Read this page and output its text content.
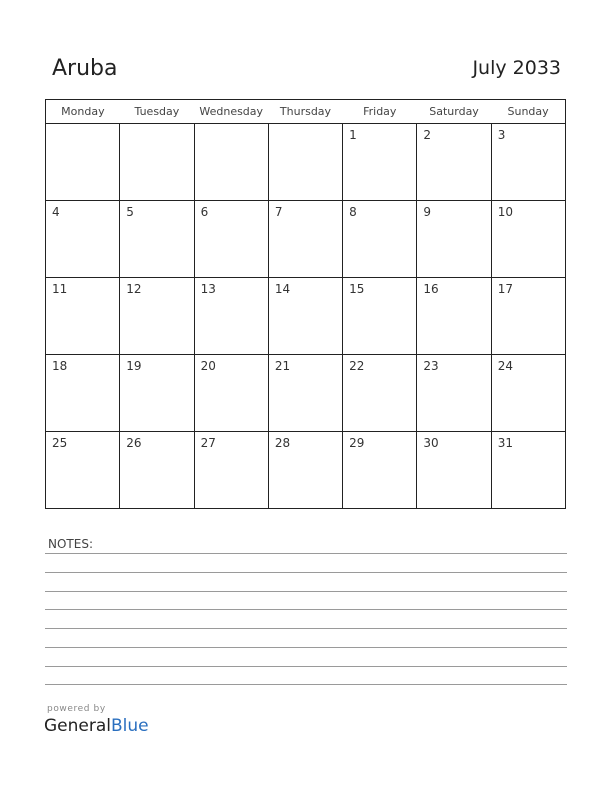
Aruba	July 2033
Monday	Tuesday	Wednesday	Thursday	Friday	Saturday	Sunday
				1	2	3
4	5	6	7	8	9	10
11	12	13	14	15	16	17
18	19	20	21	22	23	24
25	26	27	28	29	30	31
NOTES:
powered by
GeneralBlue
